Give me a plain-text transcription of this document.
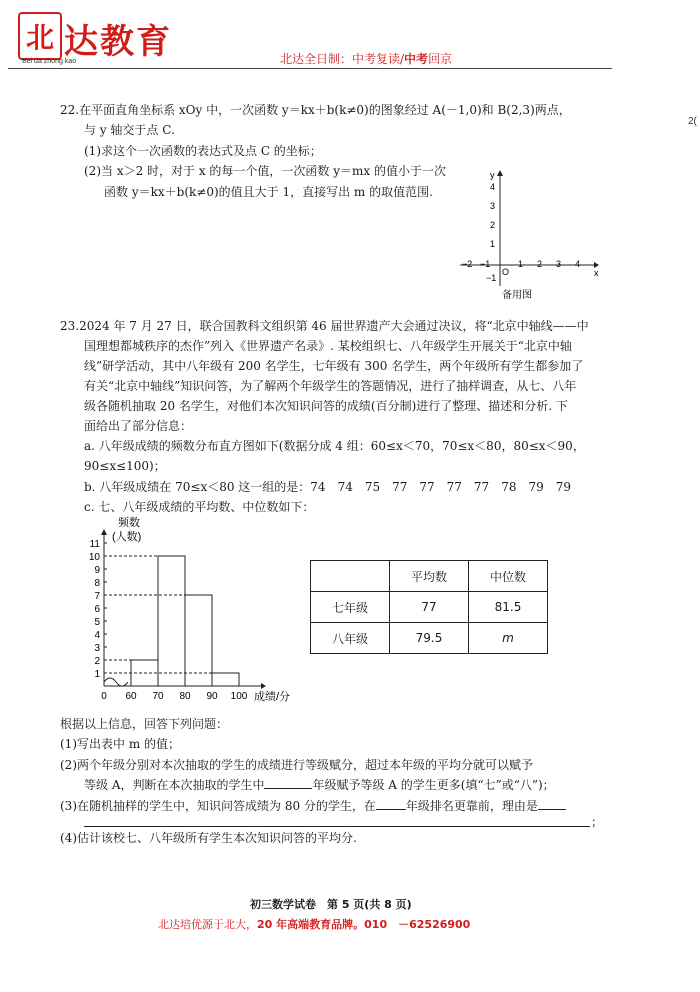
北 达教育
Bei da zhong kao	北达全日制：中考复读/中考回京
2(
22.在平面直角坐标系 xOy 中，一次函数 y＝kx＋b(k≠0)的图象经过 A(－1,0)和 B(2,3)两点，
与 y 轴交于点 C.
(1)求这个一次函数的表达式及点 C 的坐标；
(2)当 x＞2 时，对于 x 的每一个值，一次函数 y＝mx 的值小于一次
函数 y＝kx＋b(k≠0)的值且大于 1，直接写出 m 的取值范围.
y
x
O
4
3
2
1
−1
−2 −1	1 2 3 4
备用图
23.2024 年 7 月 27 日，联合国教科文组织第 46 届世界遗产大会通过决议，将“北京中轴线——中
国理想都城秩序的杰作”列入《世界遗产名录》. 某校组织七、八年级学生开展关于“北京中轴
线”研学活动，其中八年级有 200 名学生，七年级有 300 名学生，两个年级所有学生都参加了
有关“北京中轴线”知识问答，为了解两个年级学生的答题情况，进行了抽样调查，从七、八年
级各随机抽取 20 名学生，对他们本次知识问答的成绩(百分制)进行了整理、描述和分析. 下
面给出了部分信息：
a. 八年级成绩的频数分布直方图如下(数据分成 4 组：60≤x＜70，70≤x＜80，80≤x＜90，
90≤x≤100)；
b. 八年级成绩在 70≤x＜80 这一组的是：74　74　75　77　77　77　77　78　79　79
c. 七、八年级成绩的平均数、中位数如下：
1
2
3
4
5
6
7
8
9
10
11
0 60 70 80 90 100
频数
(人数)
成绩/分
	平均数	中位数
七年级	77	81.5
八年级	79.5	m
根据以上信息，回答下列问题：
(1)写出表中 m 的值；
(2)两个年级分别对本次抽取的学生的成绩进行等级赋分，超过本年级的平均分就可以赋予
等级 A，判断在本次抽取的学生中	年级赋予等级 A 的学生更多(填“七”或“八”)；
(3)在随机抽样的学生中，知识问答成绩为 80 分的学生，在	年级排名更靠前，理由是
；
(4)估计该校七、八年级所有学生本次知识问答的平均分.
初三数学试卷　第 5 页(共 8 页)
北达培优源于北大，20 年高端教育品牌。010　－62526900
